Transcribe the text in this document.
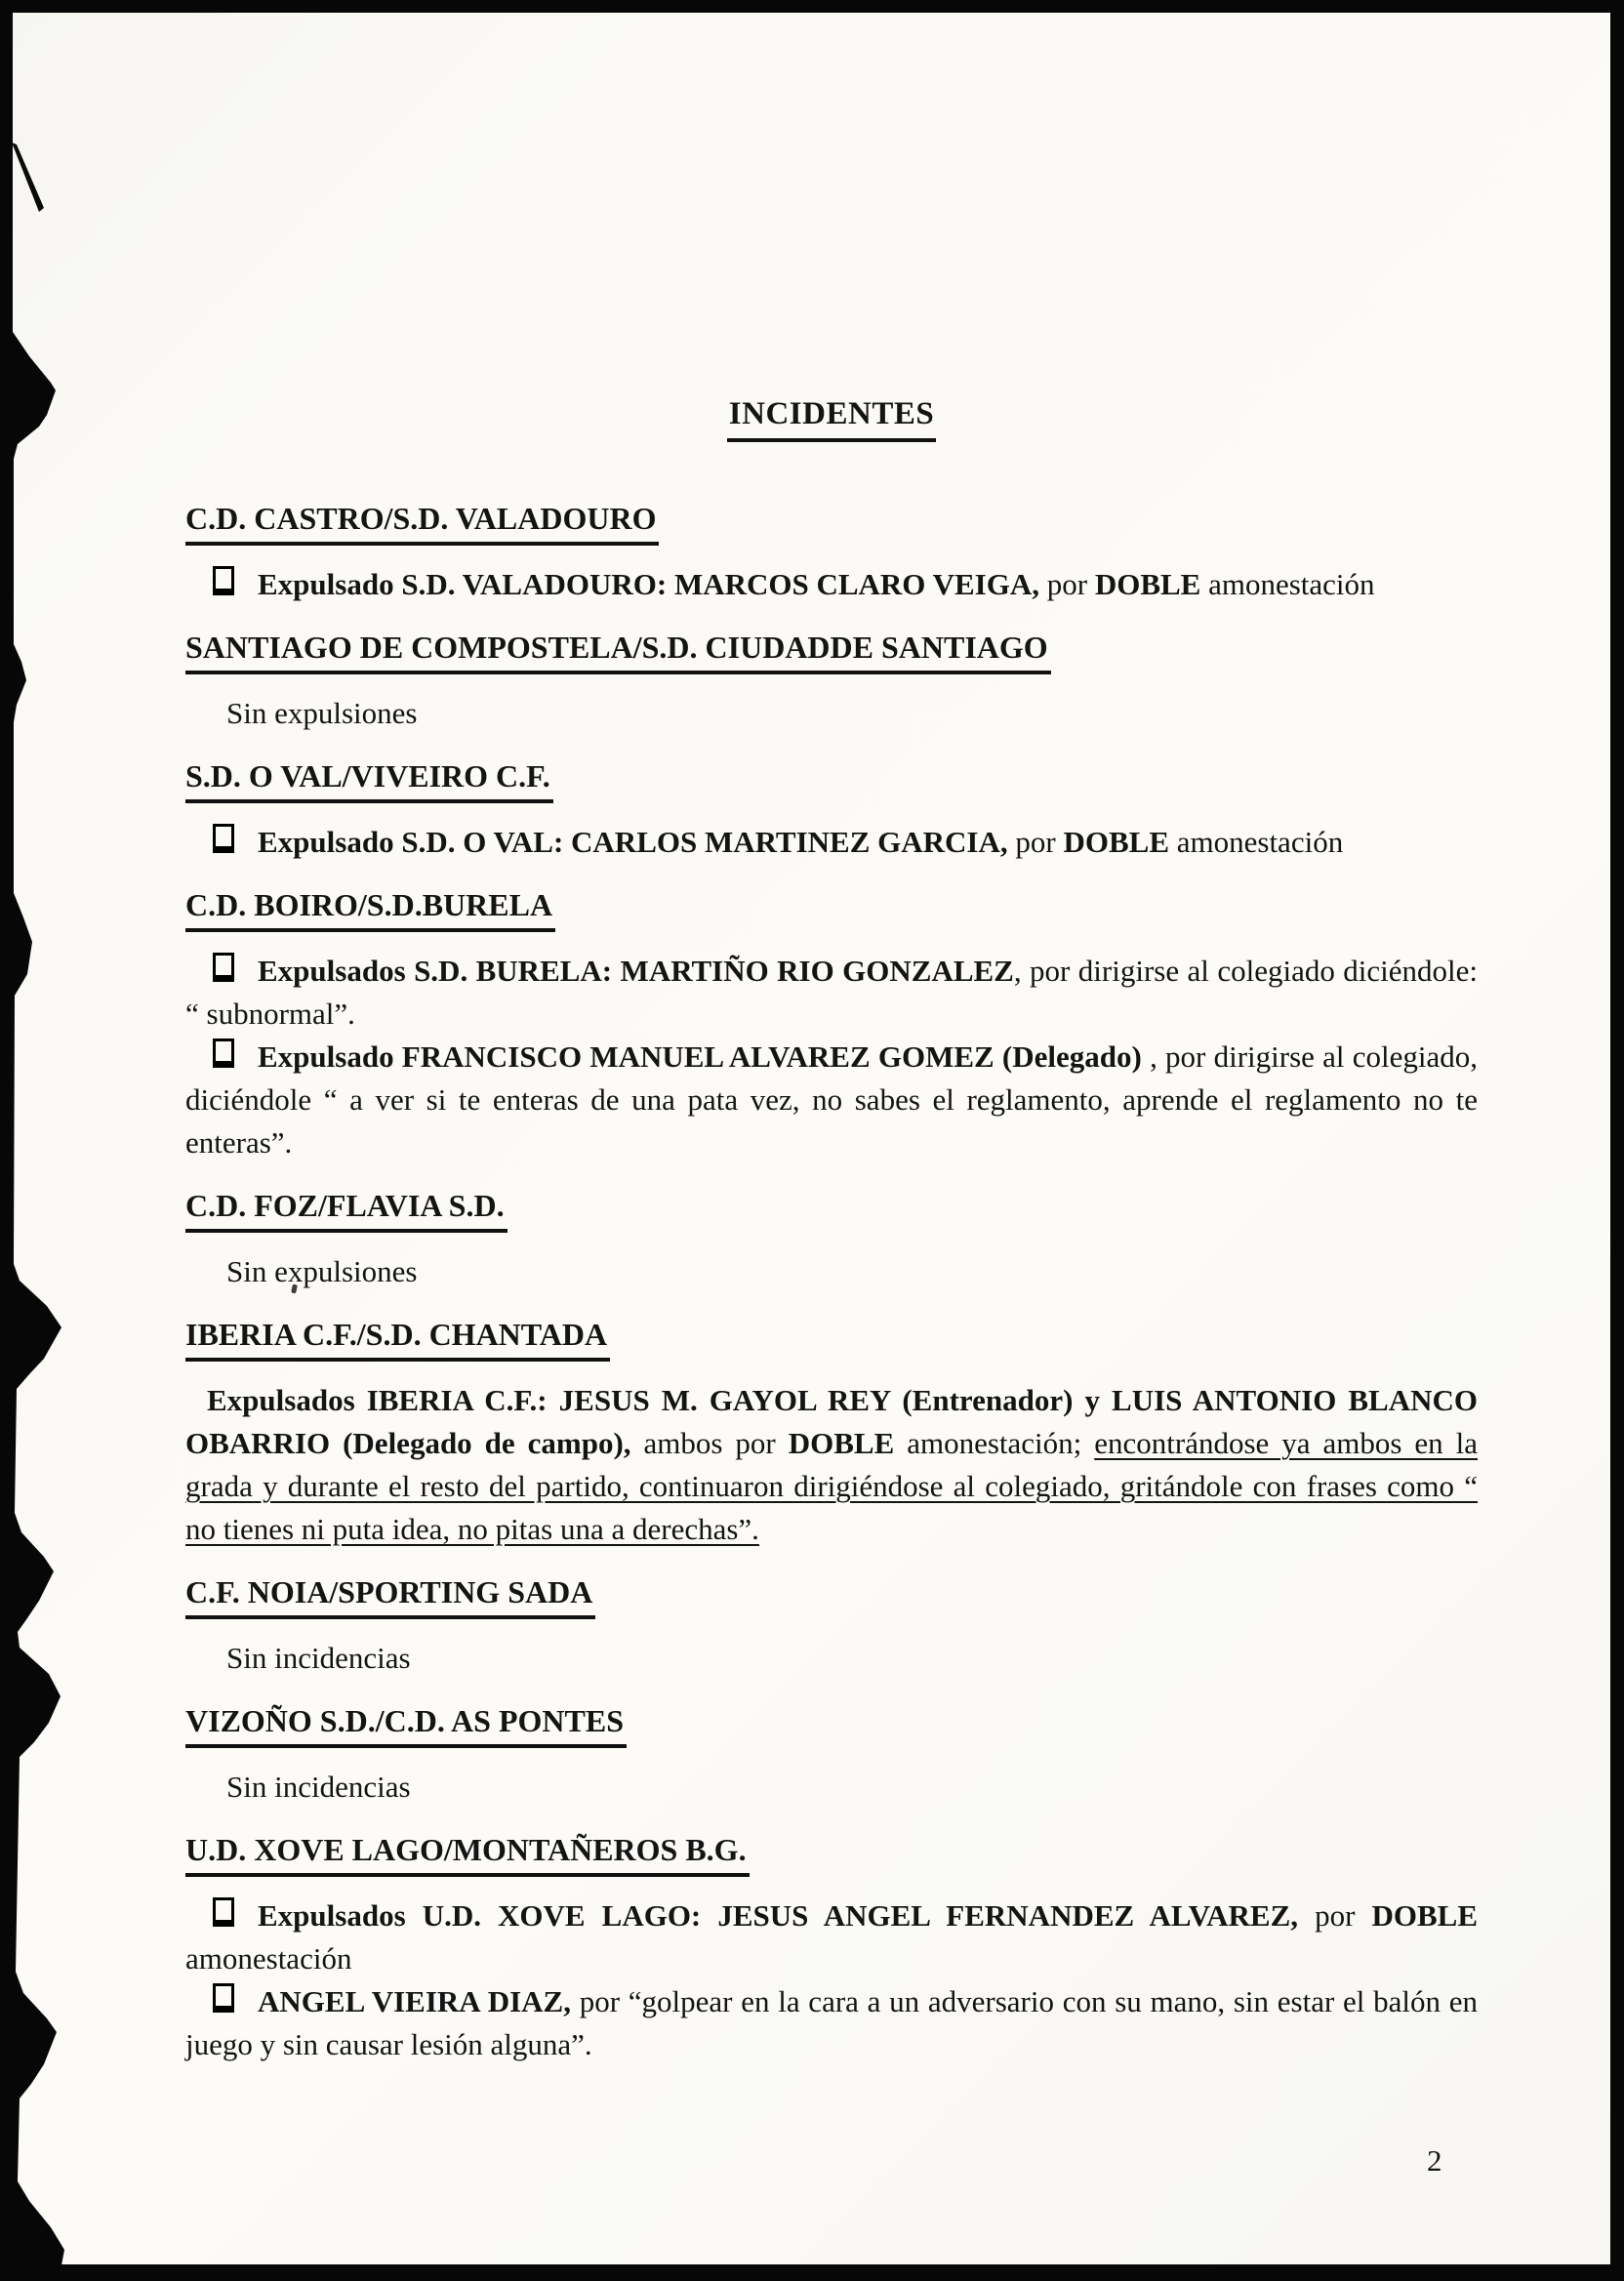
INCIDENTES
C.D. CASTRO/S.D. VALADOURO

Expulsado S.D. VALADOURO: MARCOS CLARO VEIGA, por DOBLE amonestación

SANTIAGO DE COMPOSTELA/S.D. CIUDADDE SANTIAGO

Sin expulsiones

S.D. O VAL/VIVEIRO C.F.

Expulsado S.D. O VAL: CARLOS MARTINEZ GARCIA, por DOBLE amonestación

C.D. BOIRO/S.D.BURELA

Expulsados S.D. BURELA: MARTIÑO RIO GONZALEZ, por dirigirse al colegiado diciéndole: “ subnormal”.

Expulsado FRANCISCO MANUEL ALVAREZ GOMEZ (Delegado) , por dirigirse al colegiado, diciéndole “ a ver si te enteras de una pata vez, no sabes el reglamento, aprende el reglamento no te enteras”.

C.D. FOZ/FLAVIA S.D.

Sin expulsiones

IBERIA C.F./S.D. CHANTADA

Expulsados IBERIA C.F.: JESUS M. GAYOL REY (Entrenador) y LUIS ANTONIO BLANCO OBARRIO (Delegado de campo), ambos por DOBLE amonestación; encontrándose ya ambos en la grada y durante el resto del partido, continuaron dirigiéndose al colegiado, gritándole con frases como “ no tienes ni puta idea, no pitas una a derechas”.

C.F. NOIA/SPORTING SADA

Sin incidencias

VIZOÑO S.D./C.D. AS PONTES

Sin incidencias

U.D. XOVE LAGO/MONTAÑEROS B.G.

Expulsados U.D. XOVE LAGO: JESUS ANGEL FERNANDEZ ALVAREZ, por DOBLE amonestación

ANGEL VIEIRA DIAZ, por “golpear en la cara a un adversario con su mano, sin estar el balón en juego y sin causar lesión alguna”.

2
